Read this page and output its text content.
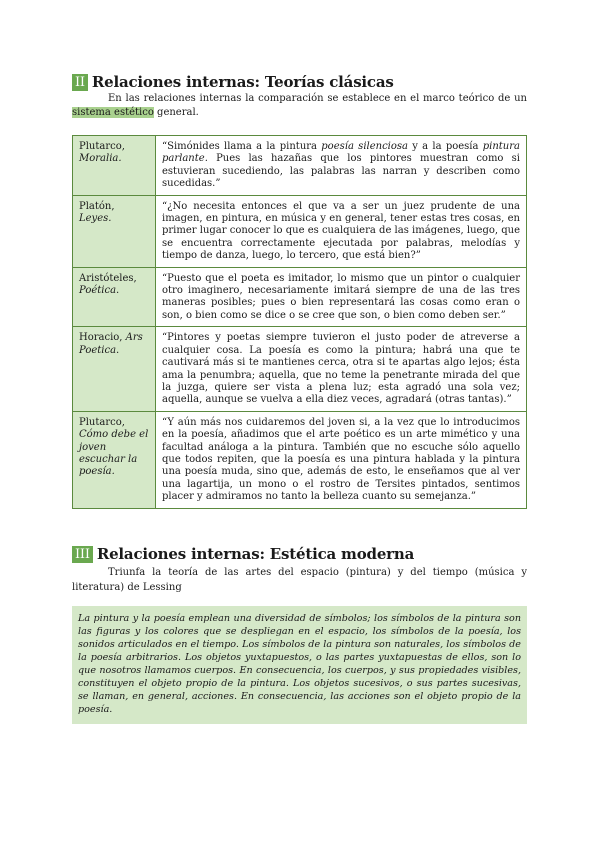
II Relaciones internas: Teorías clásicas
En las relaciones internas la comparación se establece en el marco teórico de un sistema estético general.
Plutarco, Moralia.	“Simónides llama a la pintura poesía silenciosa y a la poesía pintura parlante. Pues las hazañas que los pintores muestran como si estuvieran sucediendo, las palabras las narran y describen como sucedidas.”
Platón, Leyes.	“¿No necesita entonces el que va a ser un juez prudente de una imagen, en pintura, en música y en general, tener estas tres cosas, en primer lugar conocer lo que es cualquiera de las imágenes, luego, que se encuentra correctamente ejecutada por palabras, melodías y tiempo de danza, luego, lo tercero, que está bien?”
Aristóteles, Poética.	“Puesto que el poeta es imitador, lo mismo que un pintor o cualquier otro imaginero, necesariamente imitará siempre de una de las tres maneras posibles; pues o bien representará las cosas como eran o son, o bien como se dice o se cree que son, o bien como deben ser.”
Horacio, Ars Poetica.	“Pintores y poetas siempre tuvieron el justo poder de atreverse a cualquier cosa. La poesía es como la pintura; habrá una que te cautivará más si te mantienes cerca, otra si te apartas algo lejos; ésta ama la penumbra; aquella, que no teme la penetrante mirada del que la juzga, quiere ser vista a plena luz; esta agradó una sola vez; aquella, aunque se vuelva a ella diez veces, agradará (otras tantas).”
Plutarco, Cómo debe el joven escuchar la poesía.	“Y aún más nos cuidaremos del joven si, a la vez que lo introducimos en la poesía, añadimos que el arte poético es un arte mimético y una facultad análoga a la pintura. También que no escuche sólo aquello que todos repiten, que la poesía es una pintura hablada y la pintura una poesía muda, sino que, además de esto, le enseñamos que al ver una lagartija, un mono o el rostro de Tersites pintados, sentimos placer y admiramos no tanto la belleza cuanto su semejanza.”
III Relaciones internas: Estética moderna
Triunfa la teoría de las artes del espacio (pintura) y del tiempo (música y literatura) de Lessing
La pintura y la poesía emplean una diversidad de símbolos; los símbolos de la pintura son las figuras y los colores que se despliegan en el espacio, los símbolos de la poesía, los sonidos articulados en el tiempo. Los símbolos de la pintura son naturales, los símbolos de la poesía arbitrarios. Los objetos yuxtapuestos, o las partes yuxtapuestas de ellos, son lo que nosotros llamamos cuerpos. En consecuencia, los cuerpos, y sus propiedades visibles, constituyen el objeto propio de la pintura. Los objetos sucesivos, o sus partes sucesivas, se llaman, en general, acciones. En consecuencia, las acciones son el objeto propio de la poesía.
